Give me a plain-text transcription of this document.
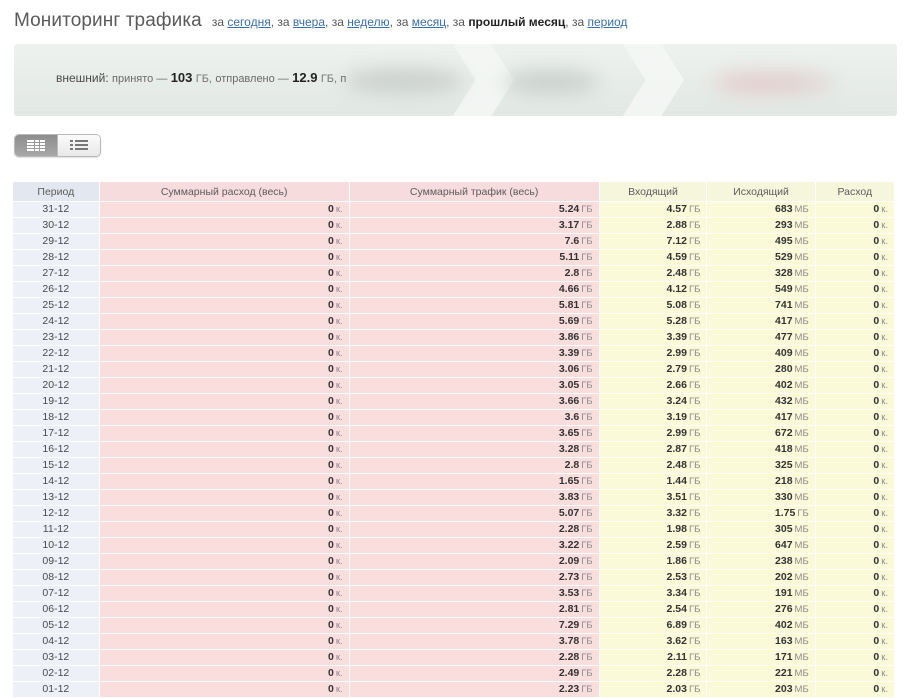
Мониторинг трафика за сегодня, за вчера, за неделю, за месяц, за прошлый месяц, за период
внешний: принято — 103 ГБ, отправлено — 12.9 ГБ, п
Период	Суммарный расход (весь)	Суммарный трафик (весь)	Входящий	Исходящий	Расход
31-12	0 к.	5.24 ГБ	4.57 ГБ	683 МБ	0 к.
30-12	0 к.	3.17 ГБ	2.88 ГБ	293 МБ	0 к.
29-12	0 к.	7.6 ГБ	7.12 ГБ	495 МБ	0 к.
28-12	0 к.	5.11 ГБ	4.59 ГБ	529 МБ	0 к.
27-12	0 к.	2.8 ГБ	2.48 ГБ	328 МБ	0 к.
26-12	0 к.	4.66 ГБ	4.12 ГБ	549 МБ	0 к.
25-12	0 к.	5.81 ГБ	5.08 ГБ	741 МБ	0 к.
24-12	0 к.	5.69 ГБ	5.28 ГБ	417 МБ	0 к.
23-12	0 к.	3.86 ГБ	3.39 ГБ	477 МБ	0 к.
22-12	0 к.	3.39 ГБ	2.99 ГБ	409 МБ	0 к.
21-12	0 к.	3.06 ГБ	2.79 ГБ	280 МБ	0 к.
20-12	0 к.	3.05 ГБ	2.66 ГБ	402 МБ	0 к.
19-12	0 к.	3.66 ГБ	3.24 ГБ	432 МБ	0 к.
18-12	0 к.	3.6 ГБ	3.19 ГБ	417 МБ	0 к.
17-12	0 к.	3.65 ГБ	2.99 ГБ	672 МБ	0 к.
16-12	0 к.	3.28 ГБ	2.87 ГБ	418 МБ	0 к.
15-12	0 к.	2.8 ГБ	2.48 ГБ	325 МБ	0 к.
14-12	0 к.	1.65 ГБ	1.44 ГБ	218 МБ	0 к.
13-12	0 к.	3.83 ГБ	3.51 ГБ	330 МБ	0 к.
12-12	0 к.	5.07 ГБ	3.32 ГБ	1.75 ГБ	0 к.
11-12	0 к.	2.28 ГБ	1.98 ГБ	305 МБ	0 к.
10-12	0 к.	3.22 ГБ	2.59 ГБ	647 МБ	0 к.
09-12	0 к.	2.09 ГБ	1.86 ГБ	238 МБ	0 к.
08-12	0 к.	2.73 ГБ	2.53 ГБ	202 МБ	0 к.
07-12	0 к.	3.53 ГБ	3.34 ГБ	191 МБ	0 к.
06-12	0 к.	2.81 ГБ	2.54 ГБ	276 МБ	0 к.
05-12	0 к.	7.29 ГБ	6.89 ГБ	402 МБ	0 к.
04-12	0 к.	3.78 ГБ	3.62 ГБ	163 МБ	0 к.
03-12	0 к.	2.28 ГБ	2.11 ГБ	171 МБ	0 к.
02-12	0 к.	2.49 ГБ	2.28 ГБ	221 МБ	0 к.
01-12	0 к.	2.23 ГБ	2.03 ГБ	203 МБ	0 к.
